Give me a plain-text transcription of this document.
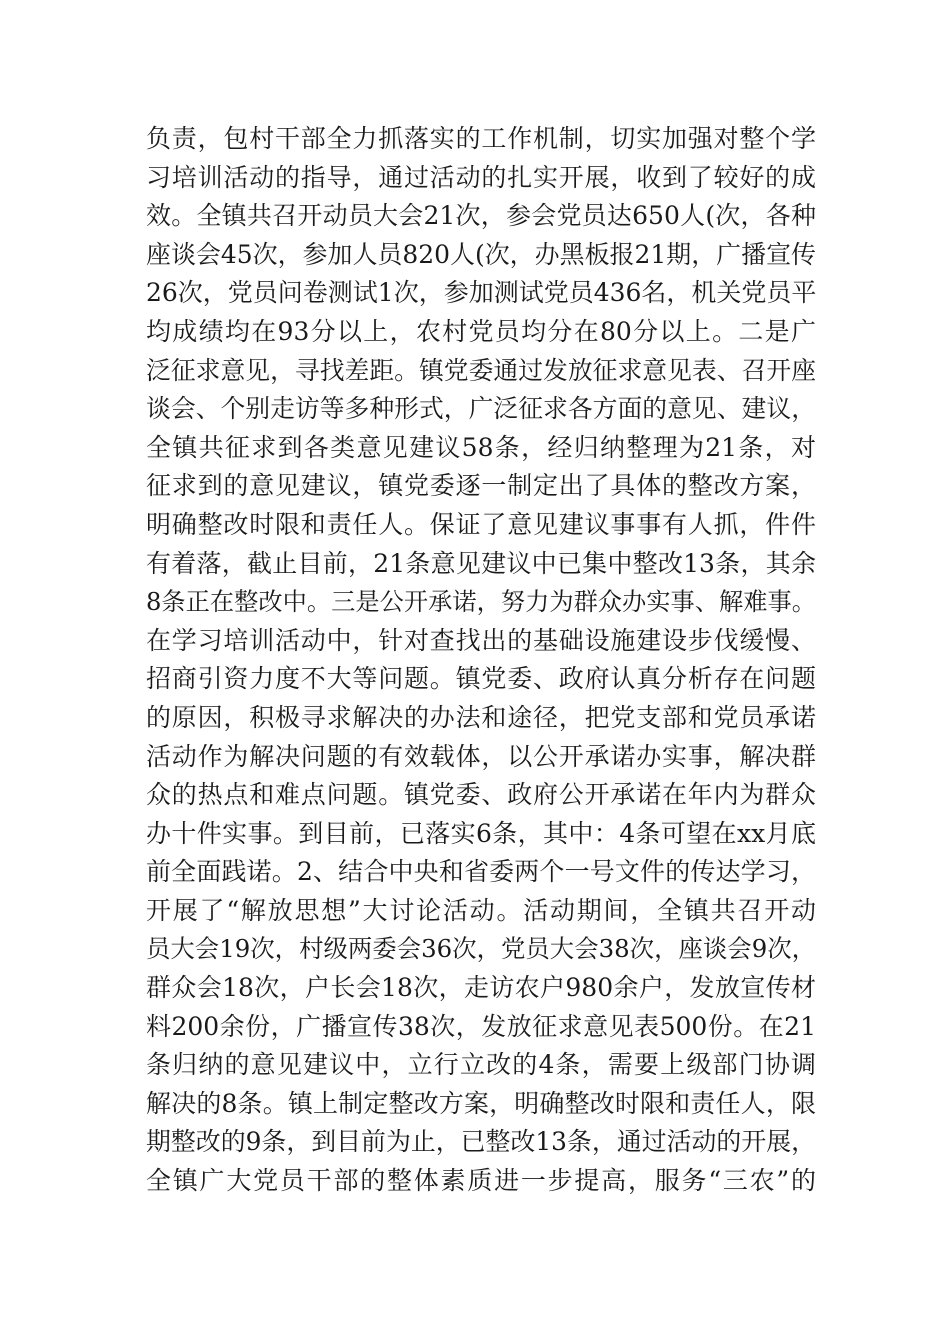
负责，包村干部全力抓落实的工作机制，切实加强对整个学
习培训活动的指导，通过活动的扎实开展，收到了较好的成
效。全镇共召开动员大会21次，参会党员达650人(次，各种
座谈会45次，参加人员820人(次，办黑板报21期，广播宣传
26次，党员问卷测试1次，参加测试党员436名，机关党员平
均成绩均在93分以上，农村党员均分在80分以上。二是广
泛征求意见，寻找差距。镇党委通过发放征求意见表、召开座
谈会、个别走访等多种形式，广泛征求各方面的意见、建议，
全镇共征求到各类意见建议58条，经归纳整理为21条，对
征求到的意见建议，镇党委逐一制定出了具体的整改方案，
明确整改时限和责任人。保证了意见建议事事有人抓，件件
有着落，截止目前，21条意见建议中已集中整改13条，其余
8条正在整改中。三是公开承诺，努力为群众办实事、解难事。
在学习培训活动中，针对查找出的基础设施建设步伐缓慢、
招商引资力度不大等问题。镇党委、政府认真分析存在问题
的原因，积极寻求解决的办法和途径，把党支部和党员承诺
活动作为解决问题的有效载体，以公开承诺办实事，解决群
众的热点和难点问题。镇党委、政府公开承诺在年内为群众
办十件实事。到目前，已落实6条，其中：4条可望在xx月底
前全面践诺。2、结合中央和省委两个一号文件的传达学习，
开展了“解放思想”大讨论活动。活动期间，全镇共召开动
员大会19次，村级两委会36次，党员大会38次，座谈会9次，
群众会18次，户长会18次，走访农户980余户，发放宣传材
料200余份，广播宣传38次，发放征求意见表500份。在21
条归纳的意见建议中，立行立改的4条，需要上级部门协调
解决的8条。镇上制定整改方案，明确整改时限和责任人，限
期整改的9条，到目前为止，已整改13条，通过活动的开展，
全镇广大党员干部的整体素质进一步提高，服务“三农”的
